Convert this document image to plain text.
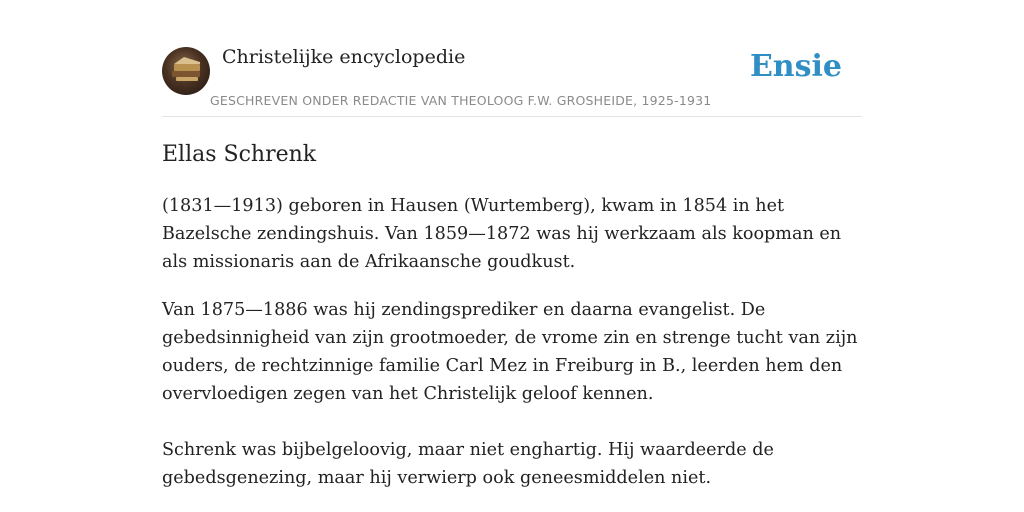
Christelijke encyclopedie
GESCHREVEN ONDER REDACTIE VAN THEOLOOG F.W. GROSHEIDE, 1925-1931
Ensie
Ellas Schrenk

(1831—1913) geboren in Hausen (Wurtemberg), kwam in 1854 in het Bazelsche zendingshuis. Van 1859—1872 was hij werkzaam als koopman en als missionaris aan de Afrikaansche goudkust.

Van 1875—1886 was hij zendingsprediker en daarna evangelist. De gebedsinnigheid van zijn grootmoeder, de vrome zin en strenge tucht van zijn ouders, de rechtzinnige familie Carl Mez in Freiburg in B., leerden hem den overvloedigen zegen van het Christelijk geloof kennen.

Schrenk was bijbelgeloovig, maar niet enghartig. Hij waardeerde de gebedsgenezing, maar hij verwierp ook geneesmiddelen niet.
